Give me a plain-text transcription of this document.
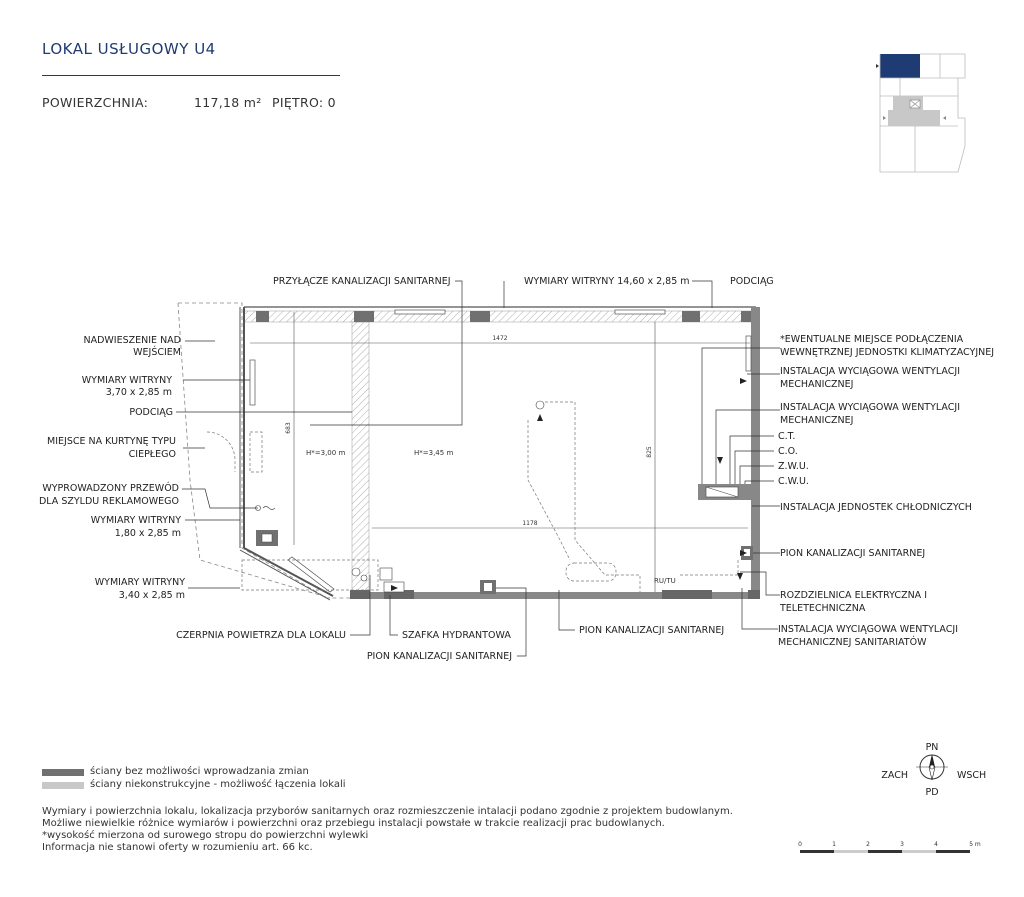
LOKAL USŁUGOWY U4
POWIERZCHNIA:	117,18 m² PIĘTRO: 0
1472
1178
683
825
H*=3,00 m	H*=3,45 m
RU/TU
PRZYŁĄCZE KANALIZACJI SANITARNEJ	WYMIARY WITRYNY 14,60 x 2,85 m	PODCIĄG
NADWIESZENIE NAD
WEJŚCIEM
WYMIARY WITRYNY
3,70 x 2,85 m
PODCIĄG
MIEJSCE NA KURTYNĘ TYPU
CIEPŁEGO
WYPROWADZONY PRZEWÓD
DLA SZYLDU REKLAMOWEGO
WYMIARY WITRYNY
1,80 x 2,85 m
WYMIARY WITRYNY
3,40 x 2,85 m
CZERPNIA POWIETRZA DLA LOKALU	SZAFKA HYDRANTOWA
PION KANALIZACJI SANITARNEJ
PION KANALIZACJI SANITARNEJ
*EWENTUALNE MIEJSCE PODŁĄCZENIA
WEWNĘTRZNEJ JEDNOSTKI KLIMATYZACYJNEJ
INSTALACJA WYCIĄGOWA WENTYLACJI
MECHANICZNEJ
INSTALACJA WYCIĄGOWA WENTYLACJI
MECHANICZNEJ
C.T.
C.O.
Z.W.U.
C.W.U.
INSTALACJA JEDNOSTEK CHŁODNICZYCH
PION KANALIZACJI SANITARNEJ
ROZDZIELNICA ELEKTRYCZNA I
TELETECHNICZNA
INSTALACJA WYCIĄGOWA WENTYLACJI
MECHANICZNEJ SANITARIATÓW
PN
PD
ZACH	WSCH
0	1	2	3	4	5 m
ściany bez możliwości wprowadzania zmian
ściany niekonstrukcyjne - możliwość łączenia lokali
Wymiary i powierzchnia lokalu, lokalizacja przyborów sanitarnych oraz rozmieszczenie intalacji podano zgodnie z projektem budowlanym.
Możliwe niewielkie różnice wymiarów i powierzchni oraz przebiegu instalacji powstałe w trakcie realizacji prac budowlanych.
*wysokość mierzona od surowego stropu do powierzchni wylewki
Informacja nie stanowi oferty w rozumieniu art. 66 kc.
